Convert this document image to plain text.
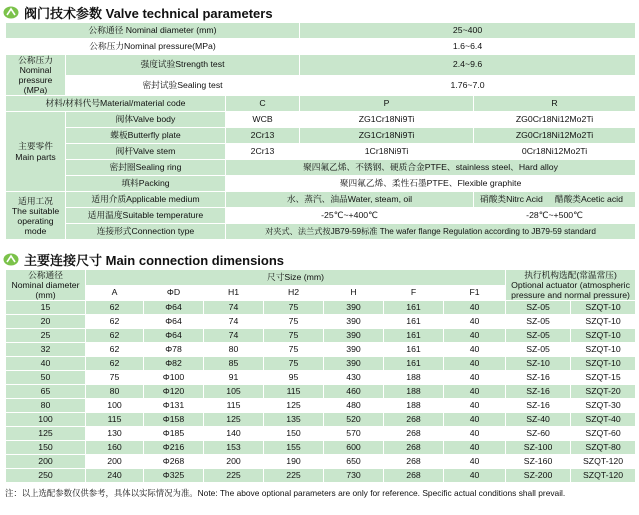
阀门技术参数 Valve technical parameters
公称通径 Nominal diameter (mm)			25~400	
公称压力Nominal pressure(MPa)			1.6~6.4	
公称压力
Nominal pressure
(MPa)	强度试验Strength test		2.4~9.6	
	密封试验Sealing test		1.76~7.0	
材料/材料代号Material/material code		C	P	R
主要零件
Main parts	阀体Valve body	WCB	ZG1Cr18Ni9Ti	ZG0Cr18Ni12Mo2Ti
	蝶板Butterfly plate	2Cr13	ZG1Cr18Ni9Ti	ZG0Cr18Ni12Mo2Ti
	阀杆Valve stem	2Cr13	1Cr18Ni9Ti	0Cr18Ni12Mo2Ti
	密封圈Sealing ring	聚四氟乙烯、不锈钢、硬质合金PTFE、stainless steel、Hard alloy		
	填料Packing	聚四氟乙烯、柔性石墨PTFE、Flexible graphite		
适用工况
The suitable
operating mode	适用介质Applicable medium	水、蒸汽、油品Water, steam, oil		硝酸类Nitrc Acid 醋酸类Acetic acid
	适用温度Suitable temperature	-25℃~+400℃		-28℃~+500℃
	连接形式Connection type	对夹式、法兰式按JB79-59标准 The wafer flange Regulation according to JB79-59 standard		
主要连接尺寸 Main connection dimensions
公称通径
Nominal diameter
(mm)	尺寸Size (mm)							执行机构选配(常温常压)
Optional actuator (atmospheric
pressure and normal pressure)	
	A	ΦD	H1	H2	H	F	F1		
15	62	Φ64	74	75	390	161	40	SZ-05	SZQT-10
20	62	Φ64	74	75	390	161	40	SZ-05	SZQT-10
25	62	Φ64	74	75	390	161	40	SZ-05	SZQT-10
32	62	Φ78	80	75	390	161	40	SZ-05	SZQT-10
40	62	Φ82	85	75	390	161	40	SZ-10	SZQT-10
50	75	Φ100	91	95	430	188	40	SZ-16	SZQT-15
65	80	Φ120	105	115	460	188	40	SZ-16	SZQT-20
80	100	Φ131	115	125	480	188	40	SZ-16	SZQT-30
100	115	Φ158	125	135	520	268	40	SZ-40	SZQT-40
125	130	Φ185	140	150	570	268	40	SZ-60	SZQT-60
150	160	Φ216	153	155	600	268	40	SZ-100	SZQT-80
200	200	Φ268	200	190	650	268	40	SZ-160	SZQT-120
250	240	Φ325	225	225	730	268	40	SZ-200	SZQT-120
注：以上选配参数仅供参考，具体以实际情况为准。Note: The above optional parameters are only for reference. Specific actual conditions shall prevail.
